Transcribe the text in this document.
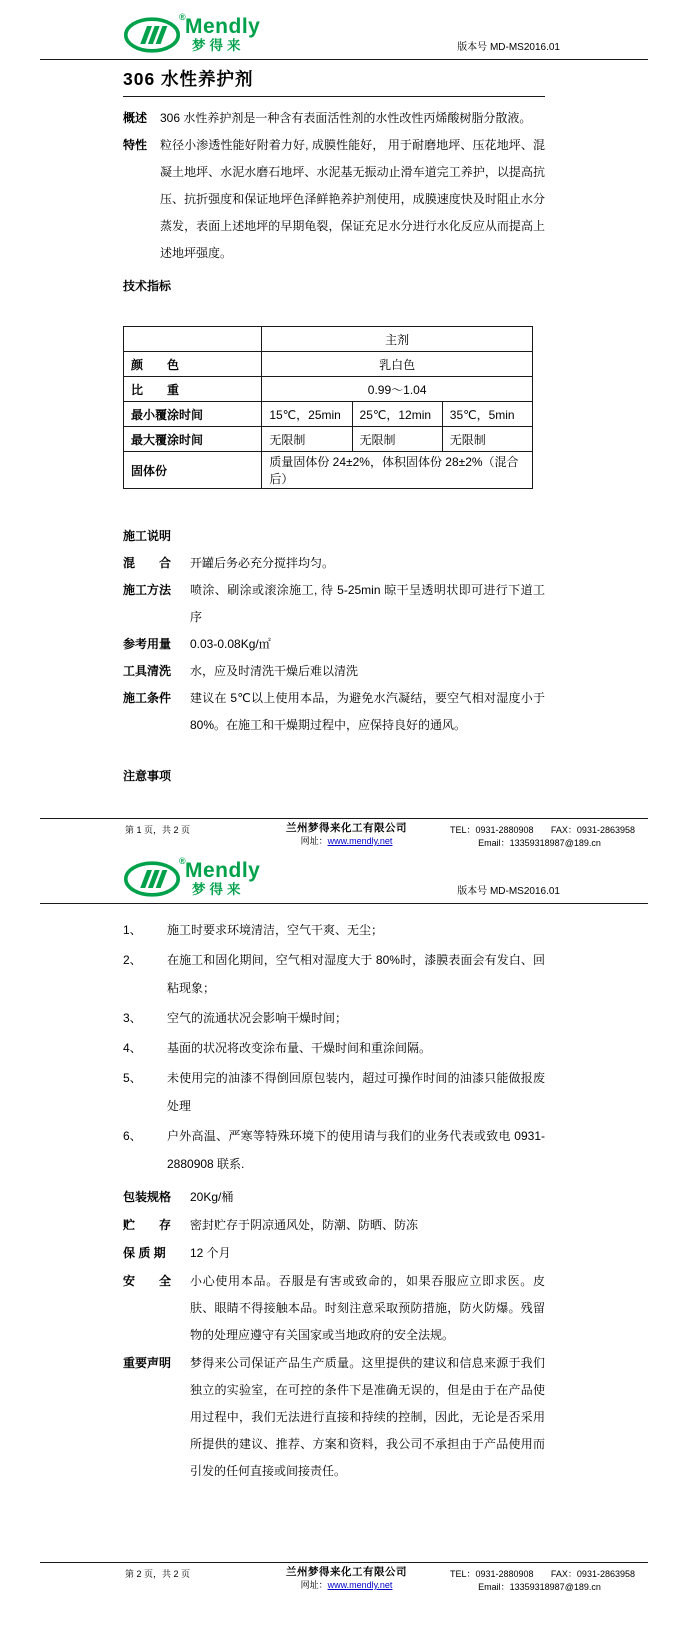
® Mendly
梦得来	版本号 MD-MS2016.01
306 水性养护剂
概述	306 水性养护剂是一种含有表面活性剂的水性改性丙烯酸树脂分散液。
特性	粒径小渗透性能好附着力好, 成膜性能好， 用于耐磨地坪、压花地坪、混凝土地坪、水泥水磨石地坪、水泥基无振动止滑车道完工养护，以提高抗压、抗折强度和保证地坪色泽鲜艳养护剂使用，成膜速度快及时阻止水分蒸发，表面上述地坪的早期龟裂，保证充足水分进行水化反应从而提高上述地坪强度。
技术指标
	主剂		
颜　　色	乳白色		
比　　重	0.99～1.04		
最小覆涂时间	15℃，25min	25℃，12min	35℃，5min
最大覆涂时间	无限制	无限制	无限制
固体份	质量固体份 24±2%，体积固体份 28±2%（混合后）		
施工说明
混　　合	开罐后务必充分搅拌均匀。
施工方法	喷涂、刷涂或滚涂施工, 待 5-25min 晾干呈透明状即可进行下道工序
参考用量	0.03-0.08Kg/㎡
工具清洗	水，应及时清洗干燥后难以清洗
施工条件	建议在 5℃以上使用本品，为避免水汽凝结，要空气相对湿度小于 80%。在施工和干燥期过程中，应保持良好的通风。
注意事项
第 1 页，共 2 页	兰州梦得来化工有限公司
网址：www.mendly.net
TEL：0931-2880908 FAX：0931-2863958
Email：13359318987@189.cn
® Mendly
梦得来	版本号 MD-MS2016.01
1、	施工时要求环境清洁，空气干爽、无尘；
2、	在施工和固化期间，空气相对湿度大于 80%时，漆膜表面会有发白、回粘现象；
3、	空气的流通状况会影响干燥时间；
4、	基面的状况将改变涂布量、干燥时间和重涂间隔。
5、	未使用完的油漆不得倒回原包装内，超过可操作时间的油漆只能做报废处理
6、	户外高温、严寒等特殊环境下的使用请与我们的业务代表或致电 0931-2880908 联系.
包装规格	20Kg/桶
贮　　存	密封贮存于阴凉通风处，防潮、防晒、防冻
保 质 期	12 个月
安　　全	小心使用本品。吞服是有害或致命的，如果吞服应立即求医。皮肤、眼睛不得接触本品。时刻注意采取预防措施，防火防爆。残留物的处理应遵守有关国家或当地政府的安全法规。
重要声明	梦得来公司保证产品生产质量。这里提供的建议和信息来源于我们独立的实验室，在可控的条件下是准确无误的，但是由于在产品使用过程中，我们无法进行直接和持续的控制，因此，无论是否采用所提供的建议、推荐、方案和资料，我公司不承担由于产品使用而引发的任何直接或间接责任。
第 2 页，共 2 页	兰州梦得来化工有限公司
网址：www.mendly.net
TEL：0931-2880908 FAX：0931-2863958
Email：13359318987@189.cn
